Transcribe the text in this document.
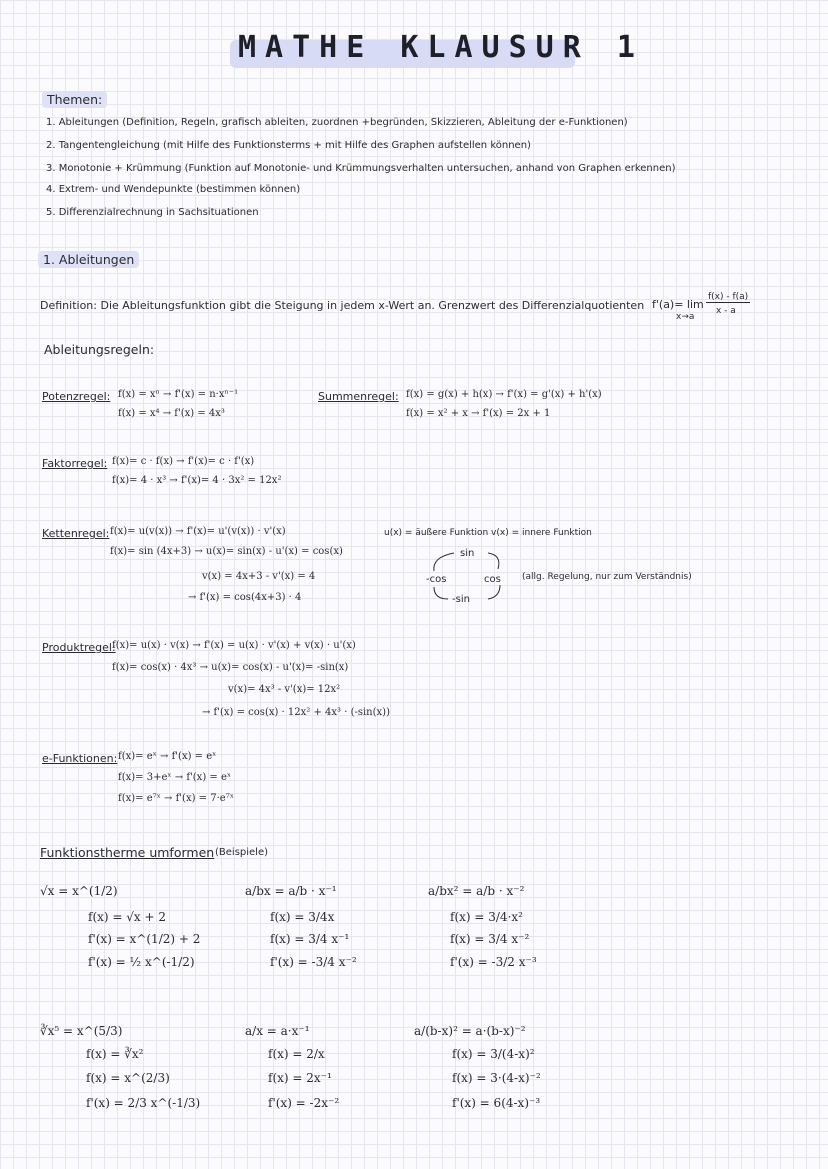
MATHE KLAUSUR 1
Themen:
1. Ableitungen (Definition, Regeln, grafisch ableiten, zuordnen +begründen, Skizzieren, Ableitung der e-Funktionen)
2. Tangentengleichung (mit Hilfe des Funktionsterms + mit Hilfe des Graphen aufstellen können)
3. Monotonie + Krümmung (Funktion auf Monotonie- und Krümmungsverhalten untersuchen, anhand von Graphen erkennen)
4. Extrem- und Wendepunkte (bestimmen können)
5. Differenzialrechnung in Sachsituationen
1. Ableitungen
Definition: Die Ableitungsfunktion gibt die Steigung in jedem x-Wert an. Grenzwert des Differenzialquotienten f'(a)= lim
x→a
f(x) - f(a)
x - a
Ableitungsregeln:
Potenzregel: f(x) = xⁿ → f'(x) = n·xⁿ⁻¹
f(x) = x⁴ → f'(x) = 4x³
Summenregel: f(x) = g(x) + h(x) → f'(x) = g'(x) + h'(x)
f(x) = x² + x → f'(x) = 2x + 1
Faktorregel: f(x)= c · f(x) → f'(x)= c · f'(x)
f(x)= 4 · x³ → f'(x)= 4 · 3x² = 12x²
Kettenregel: f(x)= u(v(x)) → f'(x)= u'(v(x)) · v'(x)
f(x)= sin (4x+3) → u(x)= sin(x) - u'(x) = cos(x)
v(x) = 4x+3 - v'(x) = 4
→ f'(x) = cos(4x+3) · 4
u(x) = äußere Funktion v(x) = innere Funktion
sin
-cos	cos
-sin
(allg. Regelung, nur zum Verständnis)
Produktregel:
f(x)= u(x) · v(x) → f'(x) = u(x) · v'(x) + v(x) · u'(x)
f(x)= cos(x) · 4x³ → u(x)= cos(x) - u'(x)= -sin(x)
v(x)= 4x³ - v'(x)= 12x²
→ f'(x) = cos(x) · 12x² + 4x³ · (-sin(x))
e-Funktionen: f(x)= eˣ → f'(x) = eˣ
f(x)= 3+eˣ → f'(x) = eˣ
f(x)= e⁷ˣ → f'(x) = 7·e⁷ˣ
Funktionstherme umformen (Beispiele)
√x = x^(1/2)
f(x) = √x + 2
f'(x) = x^(1/2) + 2
f'(x) = ½ x^(-1/2)
a/bx = a/b · x⁻¹
f(x) = 3/4x
f(x) = 3/4 x⁻¹
f'(x) = -3/4 x⁻²
a/bx² = a/b · x⁻²
f(x) = 3/4·x²
f(x) = 3/4 x⁻²
f'(x) = -3/2 x⁻³
∛x⁵ = x^(5/3)
f(x) = ∛x²
f(x) = x^(2/3)
f'(x) = 2/3 x^(-1/3)
a/x = a·x⁻¹
f(x) = 2/x
f(x) = 2x⁻¹
f'(x) = -2x⁻²
a/(b-x)² = a·(b-x)⁻²
f(x) = 3/(4-x)²
f(x) = 3·(4-x)⁻²
f'(x) = 6(4-x)⁻³
